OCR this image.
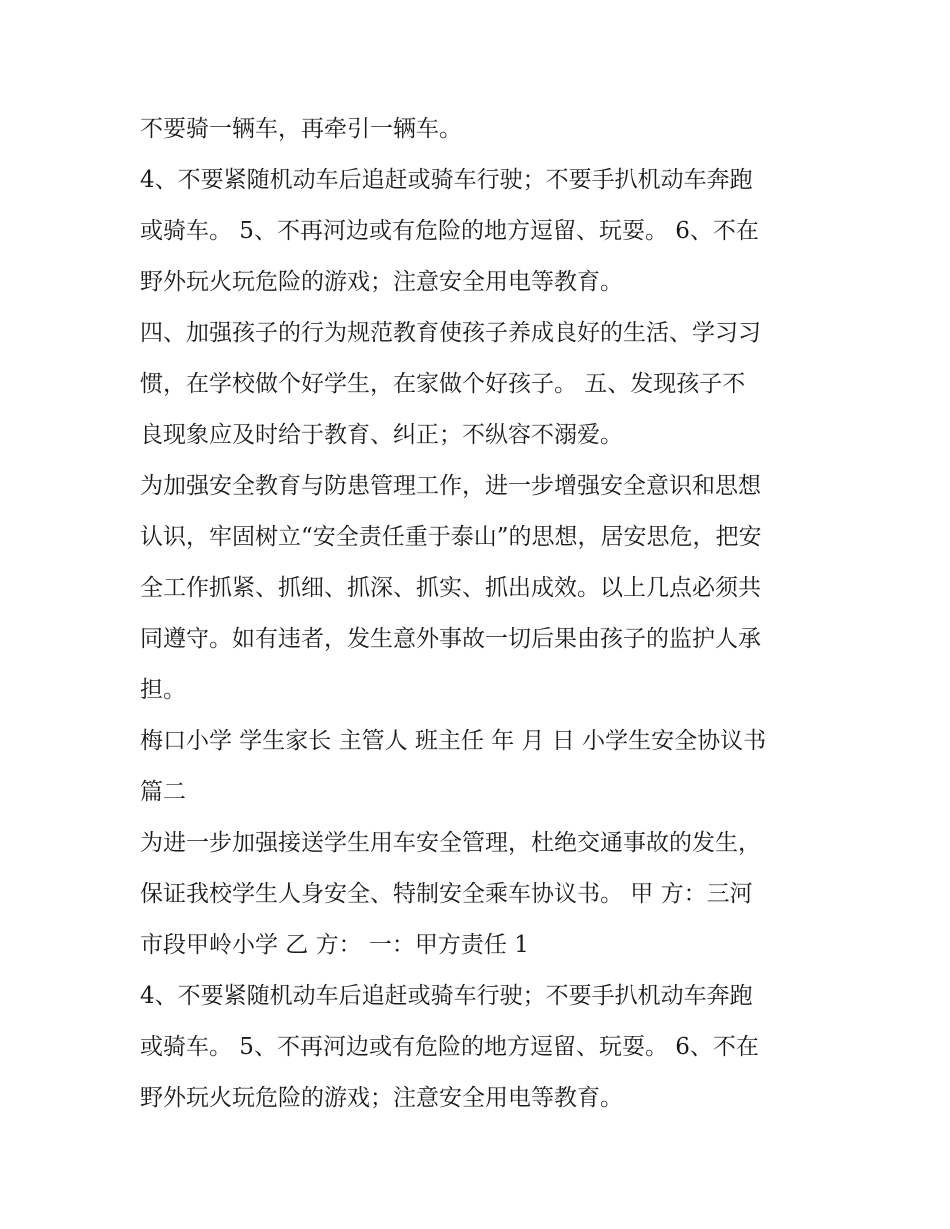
不要骑一辆车，再牵引一辆车。

4、不要紧随机动车后追赶或骑车行驶；不要手扒机动车奔跑
或骑车。 5、不再河边或有危险的地方逗留、玩耍。 6、不在
野外玩火玩危险的游戏；注意安全用电等教育。

四、加强孩子的行为规范教育使孩子养成良好的生活、学习习
惯，在学校做个好学生，在家做个好孩子。 五、发现孩子不
良现象应及时给于教育、纠正；不纵容不溺爱。

为加强安全教育与防患管理工作，进一步增强安全意识和思想
认识，牢固树立“安全责任重于泰山”的思想，居安思危，把安
全工作抓紧、抓细、抓深、抓实、抓出成效。以上几点必须共
同遵守。如有违者，发生意外事故一切后果由孩子的监护人承
担。

梅口小学 学生家长 主管人 班主任 年 月 日 小学生安全协议书
篇二

为进一步加强接送学生用车安全管理，杜绝交通事故的发生，
保证我校学生人身安全、特制安全乘车协议书。 甲 方：三河
市段甲岭小学 乙 方： 一：甲方责任 1

4、不要紧随机动车后追赶或骑车行驶；不要手扒机动车奔跑
或骑车。 5、不再河边或有危险的地方逗留、玩耍。 6、不在
野外玩火玩危险的游戏；注意安全用电等教育。
